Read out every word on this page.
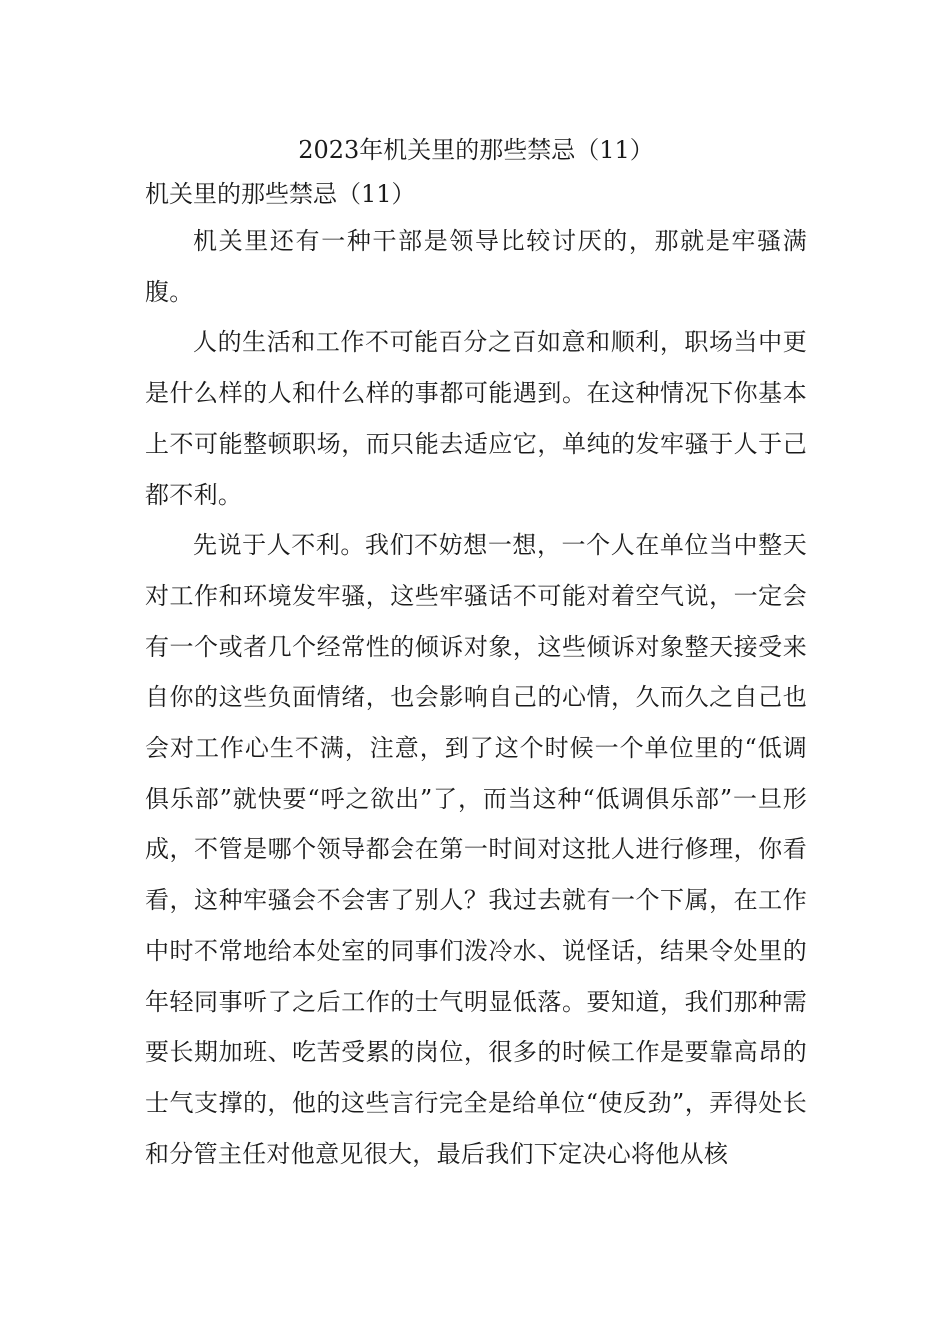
2023年机关里的那些禁忌（11）

机关里的那些禁忌（11）

机关里还有一种干部是领导比较讨厌的，那就是牢骚满腹。

人的生活和工作不可能百分之百如意和顺利，职场当中更是什么样的人和什么样的事都可能遇到。在这种情况下你基本上不可能整顿职场，而只能去适应它，单纯的发牢骚于人于己都不利。

先说于人不利。我们不妨想一想，一个人在单位当中整天对工作和环境发牢骚，这些牢骚话不可能对着空气说，一定会有一个或者几个经常性的倾诉对象，这些倾诉对象整天接受来自你的这些负面情绪，也会影响自己的心情，久而久之自己也会对工作心生不满，注意，到了这个时候一个单位里的“低调俱乐部”就快要“呼之欲出”了，而当这种“低调俱乐部”一旦形成，不管是哪个领导都会在第一时间对这批人进行修理，你看看，这种牢骚会不会害了别人？我过去就有一个下属，在工作中时不常地给本处室的同事们泼冷水、说怪话，结果令处里的年轻同事听了之后工作的士气明显低落。要知道，我们那种需要长期加班、吃苦受累的岗位，很多的时候工作是要靠高昂的士气支撑的，他的这些言行完全是给单位“使反劲”，弄得处长和分管主任对他意见很大，最后我们下定决心将他从核
